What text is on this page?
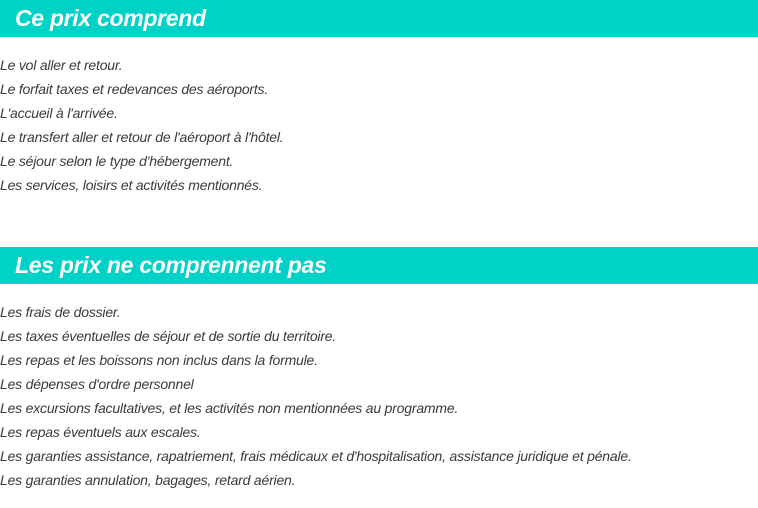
Ce prix comprend
Le vol aller et retour.
Le forfait taxes et redevances des aéroports.
L'accueil à l'arrivée.
Le transfert aller et retour de l'aéroport à l'hôtel.
Le séjour selon le type d'hébergement.
Les services, loisirs et activités mentionnés.
Les prix ne comprennent pas
Les frais de dossier.
Les taxes éventuelles de séjour et de sortie du territoire.
Les repas et les boissons non inclus dans la formule.
Les dépenses d'ordre personnel
Les excursions facultatives, et les activités non mentionnées au programme.
Les repas éventuels aux escales.
Les garanties assistance, rapatriement, frais médicaux et d'hospitalisation, assistance juridique et pénale.
Les garanties annulation, bagages, retard aérien.
